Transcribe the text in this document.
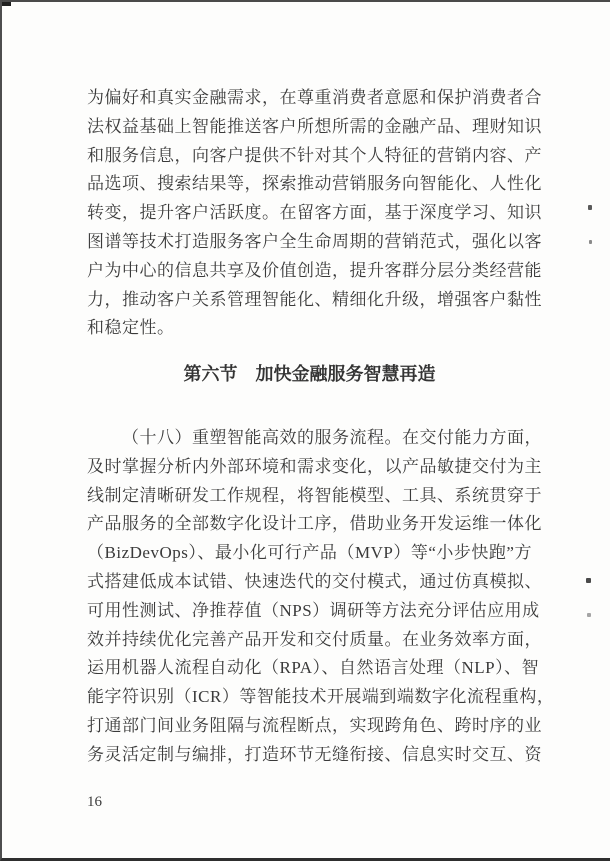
为偏好和真实金融需求，在尊重消费者意愿和保护消费者合
法权益基础上智能推送客户所想所需的金融产品、理财知识
和服务信息，向客户提供不针对其个人特征的营销内容、产
品选项、搜索结果等，探索推动营销服务向智能化、人性化
转变，提升客户活跃度。在留客方面，基于深度学习、知识
图谱等技术打造服务客户全生命周期的营销范式，强化以客
户为中心的信息共享及价值创造，提升客群分层分类经营能
力，推动客户关系管理智能化、精细化升级，增强客户黏性
和稳定性。
第六节　加快金融服务智慧再造
（十八）重塑智能高效的服务流程。在交付能力方面，
及时掌握分析内外部环境和需求变化，以产品敏捷交付为主
线制定清晰研发工作规程，将智能模型、工具、系统贯穿于
产品服务的全部数字化设计工序，借助业务开发运维一体化
（BizDevOps）、最小化可行产品（MVP）等“小步快跑”方
式搭建低成本试错、快速迭代的交付模式，通过仿真模拟、
可用性测试、净推荐值（NPS）调研等方法充分评估应用成
效并持续优化完善产品开发和交付质量。在业务效率方面，
运用机器人流程自动化（RPA）、自然语言处理（NLP）、智
能字符识别（ICR）等智能技术开展端到端数字化流程重构，
打通部门间业务阻隔与流程断点，实现跨角色、跨时序的业
务灵活定制与编排，打造环节无缝衔接、信息实时交互、资
16
